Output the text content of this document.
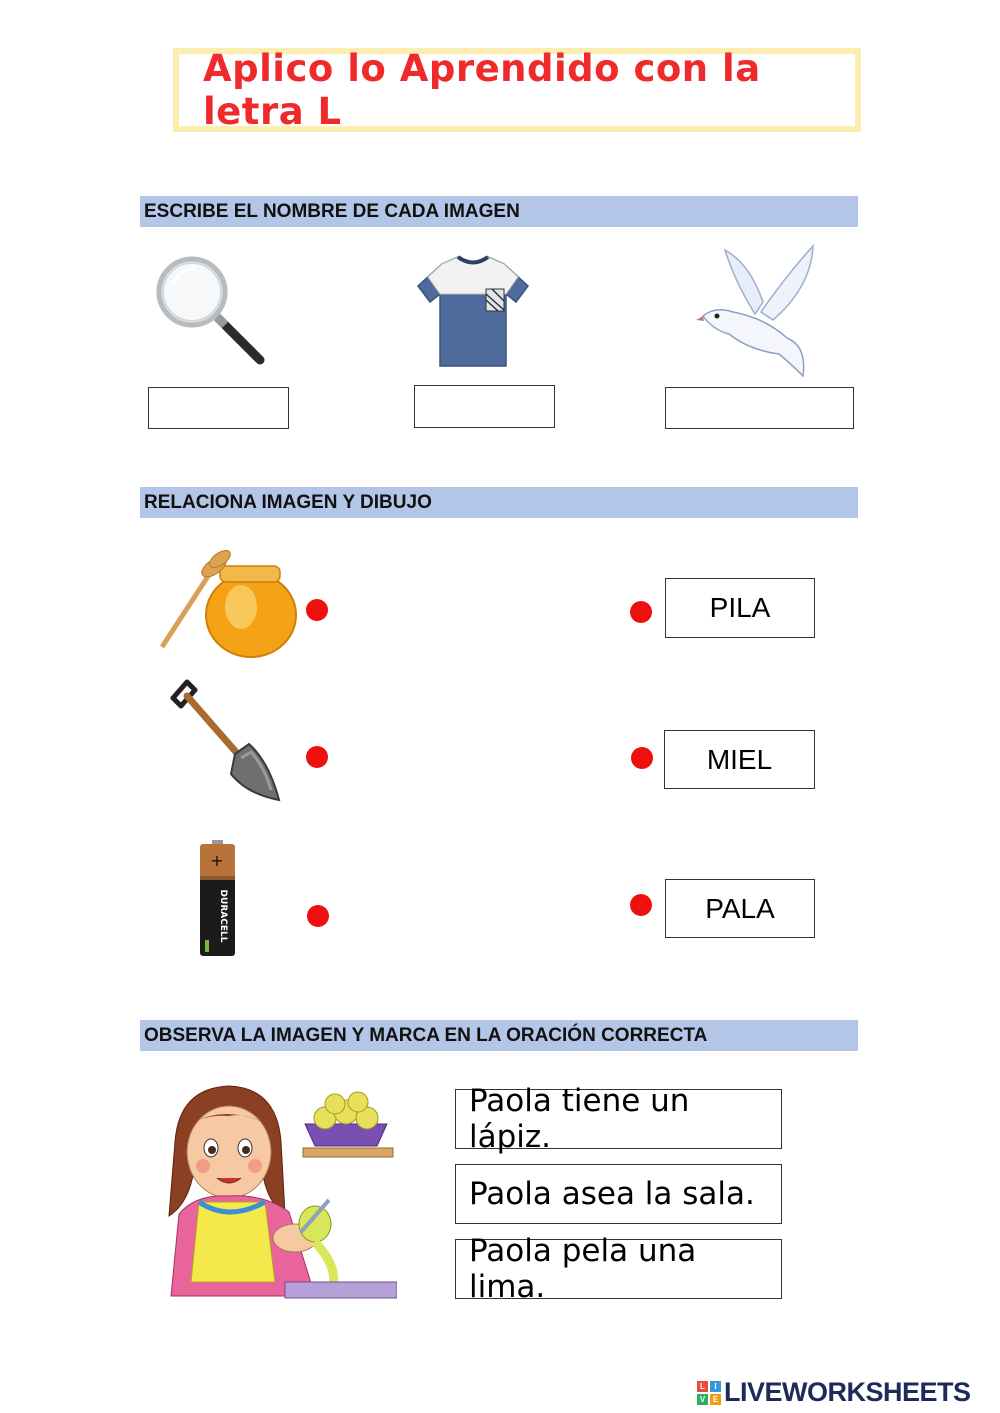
Aplico lo Aprendido con la letra L
ESCRIBE EL NOMBRE DE CADA IMAGEN
RELACIONA IMAGEN Y DIBUJO
+
DURACELL
PILA
MIEL
PALA
OBSERVA LA IMAGEN Y MARCA EN LA ORACIÓN CORRECTA
Paola tiene un lápiz.
Paola asea la sala.
Paola pela una lima.
L	I
V E LIVEWORKSHEETS
